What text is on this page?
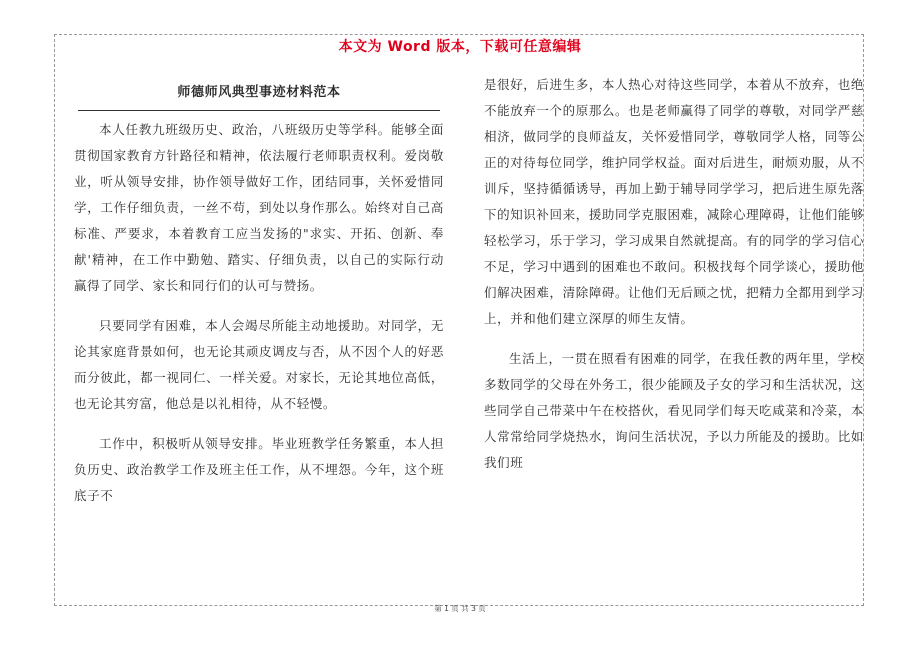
本文为 Word 版本，下载可任意编辑
师德师风典型事迹材料范本

本人任教九班级历史、政治，八班级历史等学科。能够全面贯彻国家教育方针路径和精神，依法履行老师职责权利。爱岗敬业，听从领导安排，协作领导做好工作，团结同事，关怀爱惜同学，工作仔细负责，一丝不苟，到处以身作那么。始终对自己高标准、严要求，本着教育工应当发扬的"求实、开拓、创新、奉献'精神，在工作中勤勉、踏实、仔细负责，以自己的实际行动赢得了同学、家长和同行们的认可与赞扬。

只要同学有困难，本人会竭尽所能主动地援助。对同学，无论其家庭背景如何，也无论其顽皮调皮与否，从不因个人的好恶而分彼此，都一视同仁、一样关爱。对家长，无论其地位高低，也无论其穷富，他总是以礼相待，从不轻慢。

工作中，积极听从领导安排。毕业班教学任务繁重，本人担负历史、政治教学工作及班主任工作，从不埋怨。今年，这个班底子不

是很好，后进生多，本人热心对待这些同学，本着从不放弃，也绝不能放弃一个的原那么。也是老师赢得了同学的尊敬，对同学严慈相济，做同学的良师益友，关怀爱惜同学，尊敬同学人格，同等公正的对待每位同学，维护同学权益。面对后进生，耐烦劝服，从不训斥，坚持循循诱导，再加上勤于辅导同学学习，把后进生原先落下的知识补回来，援助同学克服困难，减除心理障碍，让他们能够轻松学习，乐于学习，学习成果自然就提高。有的同学的学习信心不足，学习中遇到的困难也不敢问。积极找每个同学谈心，援助他们解决困难，清除障碍。让他们无后顾之忧，把精力全都用到学习上，并和他们建立深厚的师生友情。

生活上，一贯在照看有困难的同学，在我任教的两年里，学校多数同学的父母在外务工，很少能顾及子女的学习和生活状况，这些同学自己带菜中午在校搭伙，看见同学们每天吃咸菜和冷菜，本人常常给同学烧热水，询问生活状况，予以力所能及的援助。比如我们班

第 1 页 共 3 页
